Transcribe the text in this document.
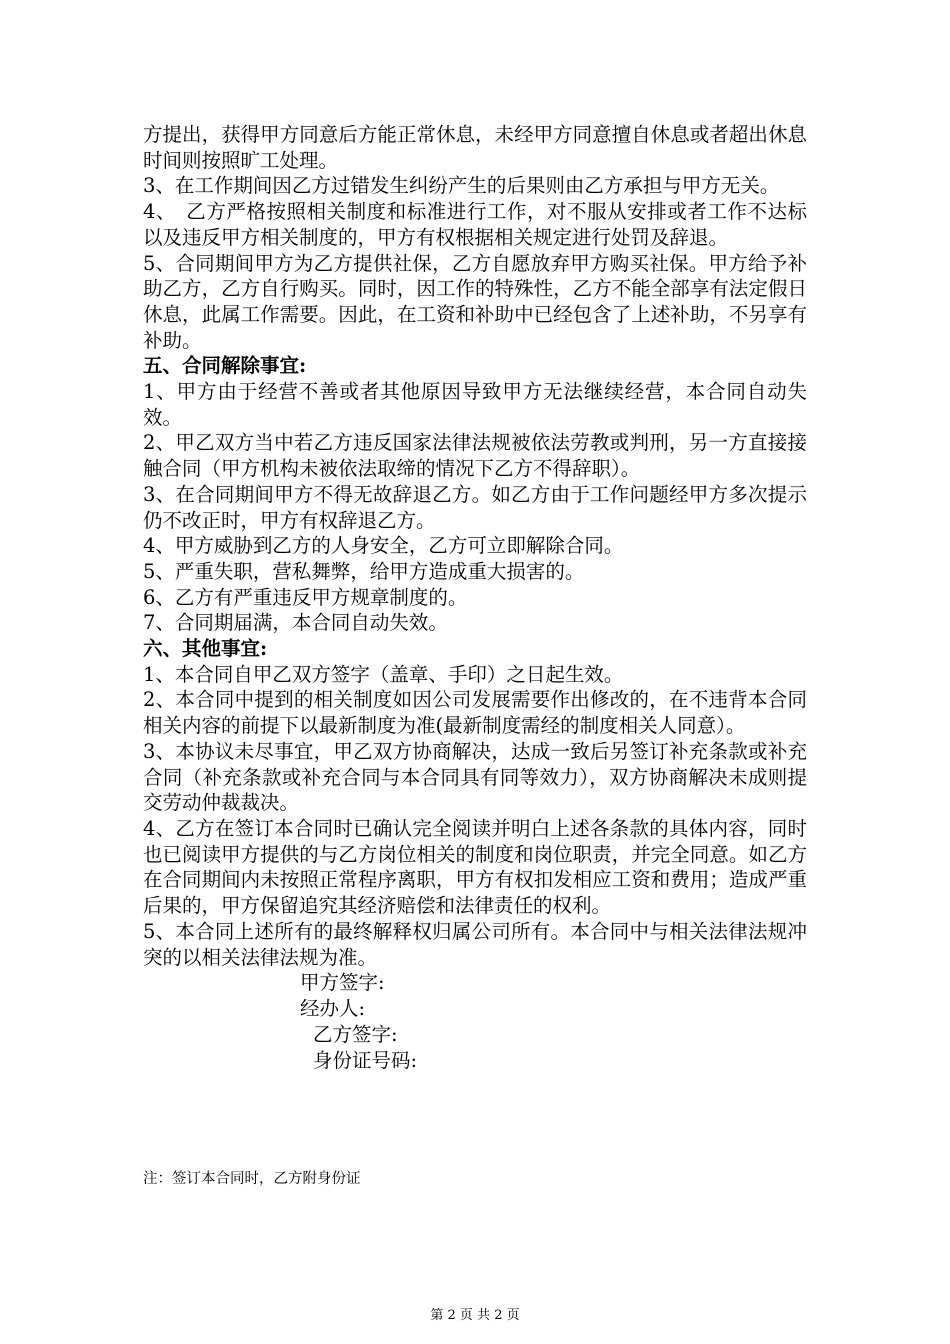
方提出，获得甲方同意后方能正常休息，未经甲方同意擅自休息或者超出休息时间则按照旷工处理。

3、在工作期间因乙方过错发生纠纷产生的后果则由乙方承担与甲方无关。

4、　乙方严格按照相关制度和标准进行工作，对不服从安排或者工作不达标以及违反甲方相关制度的，甲方有权根据相关规定进行处罚及辞退。

5、合同期间甲方为乙方提供社保，乙方自愿放弃甲方购买社保。甲方给予补助乙方，乙方自行购买。同时，因工作的特殊性，乙方不能全部享有法定假日休息，此属工作需要。因此，在工资和补助中已经包含了上述补助，不另享有补助。

五、合同解除事宜:

1、甲方由于经营不善或者其他原因导致甲方无法继续经营，本合同自动失效。

2、甲乙双方当中若乙方违反国家法律法规被依法劳教或判刑，另一方直接接触合同（甲方机构未被依法取缔的情况下乙方不得辞职）。

3、在合同期间甲方不得无故辞退乙方。如乙方由于工作问题经甲方多次提示仍不改正时，甲方有权辞退乙方。

4、甲方威胁到乙方的人身安全，乙方可立即解除合同。

5、严重失职，营私舞弊，给甲方造成重大损害的。

6、乙方有严重违反甲方规章制度的。

7、合同期届满，本合同自动失效。

六、其他事宜:

1、本合同自甲乙双方签字（盖章、手印）之日起生效。

2、本合同中提到的相关制度如因公司发展需要作出修改的，在不违背本合同相关内容的前提下以最新制度为准(最新制度需经的制度相关人同意）。

3、本协议未尽事宜，甲乙双方协商解决，达成一致后另签订补充条款或补充合同（补充条款或补充合同与本合同具有同等效力），双方协商解决未成则提交劳动仲裁裁决。

4、乙方在签订本合同时已确认完全阅读并明白上述各条款的具体内容，同时也已阅读甲方提供的与乙方岗位相关的制度和岗位职责，并完全同意。如乙方在合同期间内未按照正常程序离职，甲方有权扣发相应工资和费用；造成严重后果的，甲方保留追究其经济赔偿和法律责任的权利。

5、本合同上述所有的最终解释权归属公司所有。本合同中与相关法律法规冲突的以相关法律法规为准。

甲方签字:

经办人:

乙方签字:

身份证号码:

注：签订本合同时，乙方附身份证
第 2 页 共 2 页
